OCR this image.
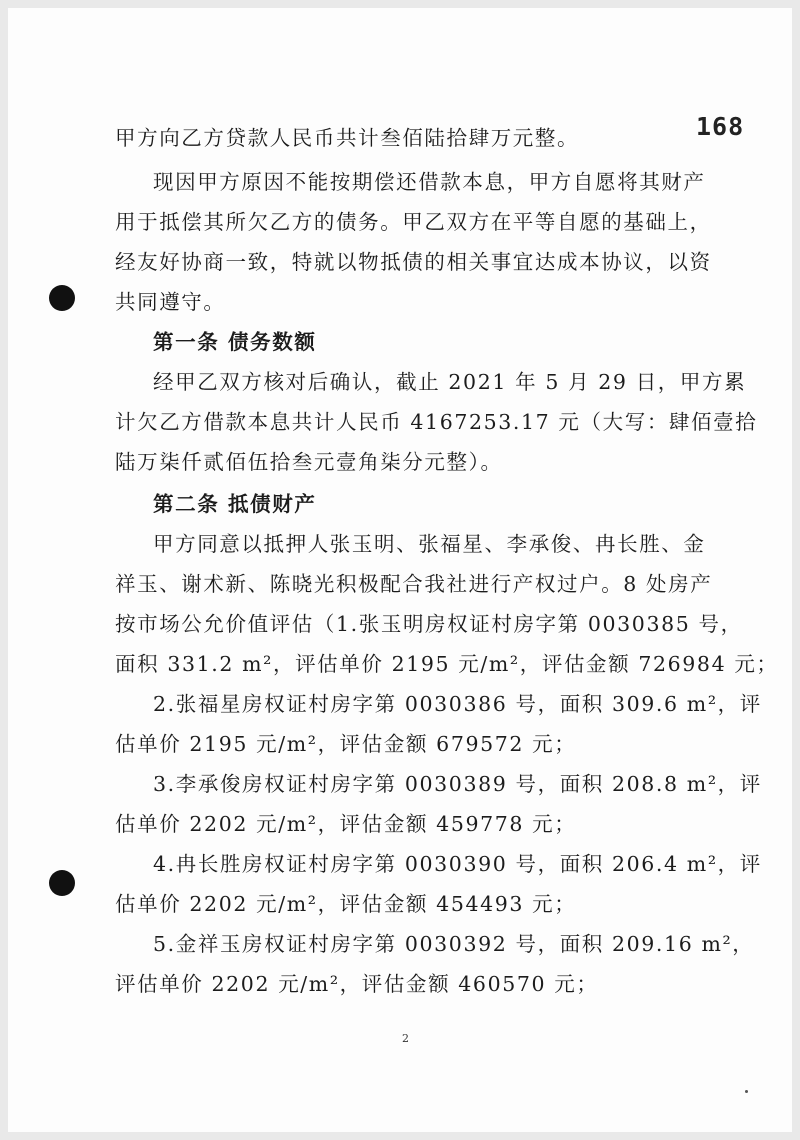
168
甲方向乙方贷款人民币共计叁佰陆拾肆万元整。
现因甲方原因不能按期偿还借款本息，甲方自愿将其财产
用于抵偿其所欠乙方的债务。甲乙双方在平等自愿的基础上，
经友好协商一致，特就以物抵债的相关事宜达成本协议，以资
共同遵守。
第一条 债务数额
经甲乙双方核对后确认，截止 2021 年 5 月 29 日，甲方累
计欠乙方借款本息共计人民币 4167253.17 元（大写：肆佰壹拾
陆万柒仟贰佰伍拾叁元壹角柒分元整）。
第二条 抵债财产
甲方同意以抵押人张玉明、张福星、李承俊、冉长胜、金
祥玉、谢术新、陈晓光积极配合我社进行产权过户。8 处房产
按市场公允价值评估（1.张玉明房权证村房字第 0030385 号，
面积 331.2 m²，评估单价 2195 元/m²，评估金额 726984 元；
2.张福星房权证村房字第 0030386 号，面积 309.6 m²，评
估单价 2195 元/m²，评估金额 679572 元；
3.李承俊房权证村房字第 0030389 号，面积 208.8 m²，评
估单价 2202 元/m²，评估金额 459778 元；
4.冉长胜房权证村房字第 0030390 号，面积 206.4 m²，评
估单价 2202 元/m²，评估金额 454493 元；
5.金祥玉房权证村房字第 0030392 号，面积 209.16 m²，
评估单价 2202 元/m²，评估金额 460570 元；
2
